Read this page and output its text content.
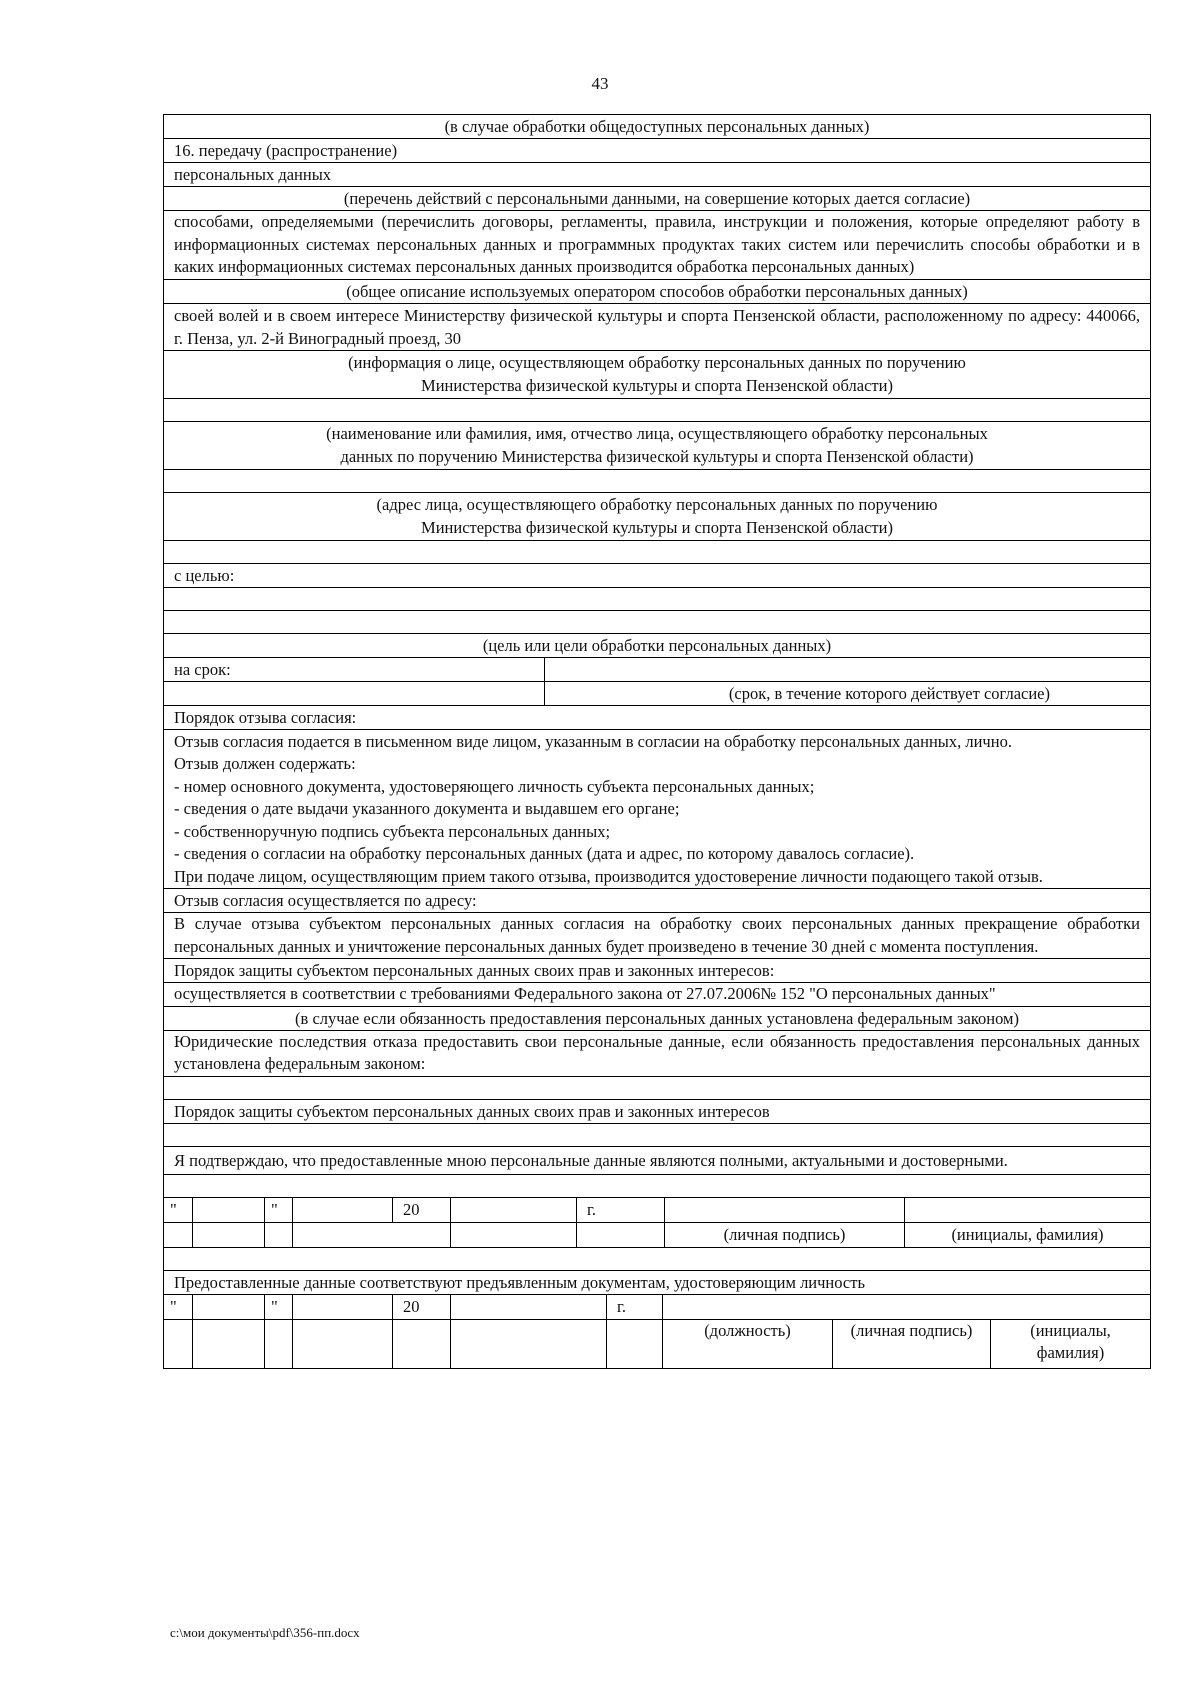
43
(в случае обработки общедоступных персональных данных)
16. передачу (распространение)
персональных данных
(перечень действий с персональными данными, на совершение которых дается согласие)
способами, определяемыми (перечислить договоры, регламенты, правила, инструкции и положения, которые определяют работу в информационных системах персональных данных и программных продуктах таких систем или перечислить способы обработки и в каких информационных системах персональных данных производится обработка персональных данных)
(общее описание используемых оператором способов обработки персональных данных)
своей волей и в своем интересе Министерству физической культуры и спорта Пензенской области, расположенному по адресу: 440066, г. Пенза, ул. 2-й Виноградный проезд, 30
(информация о лице, осуществляющем обработку персональных данных по поручению
Министерства физической культуры и спорта Пензенской области)
(наименование или фамилия, имя, отчество лица, осуществляющего обработку персональных
данных по поручению Министерства физической культуры и спорта Пензенской области)
(адрес лица, осуществляющего обработку персональных данных по поручению
Министерства физической культуры и спорта Пензенской области)
с целью:
(цель или цели обработки персональных данных)
на срок:
(срок, в течение которого действует согласие)
Порядок отзыва согласия:
Отзыв согласия подается в письменном виде лицом, указанным в согласии на обработку персональных данных, лично.
Отзыв должен содержать:
- номер основного документа, удостоверяющего личность субъекта персональных данных;
- сведения о дате выдачи указанного документа и выдавшем его органе;
- собственноручную подпись субъекта персональных данных;
- сведения о согласии на обработку персональных данных (дата и адрес, по которому давалось согласие).
При подаче лицом, осуществляющим прием такого отзыва, производится удостоверение личности подающего такой отзыв.
Отзыв согласия осуществляется по адресу:
В случае отзыва субъектом персональных данных согласия на обработку своих персональных данных прекращение обработки персональных данных и уничтожение персональных данных будет произведено в течение 30 дней с момента поступления.
Порядок защиты субъектом персональных данных своих прав и законных интересов:
осуществляется в соответствии с требованиями Федерального закона от 27.07.2006№ 152 "О персональных данных"
(в случае если обязанность предоставления персональных данных установлена федеральным законом)
Юридические последствия отказа предоставить свои персональные данные, если обязанность предоставления персональных данных установлена федеральным законом:
Порядок защиты субъектом персональных данных своих прав и законных интересов
Я подтверждаю, что предоставленные мною персональные данные являются полными, актуальными и достоверными.
"	"	20	г.
(личная подпись)	(инициалы, фамилия)
Предоставленные данные соответствуют предъявленным документам, удостоверяющим личность
"	"	20	г.
(должность)	(личная подпись)	(инициалы, фамилия)
c:\мои документы\pdf\356-пп.docx
